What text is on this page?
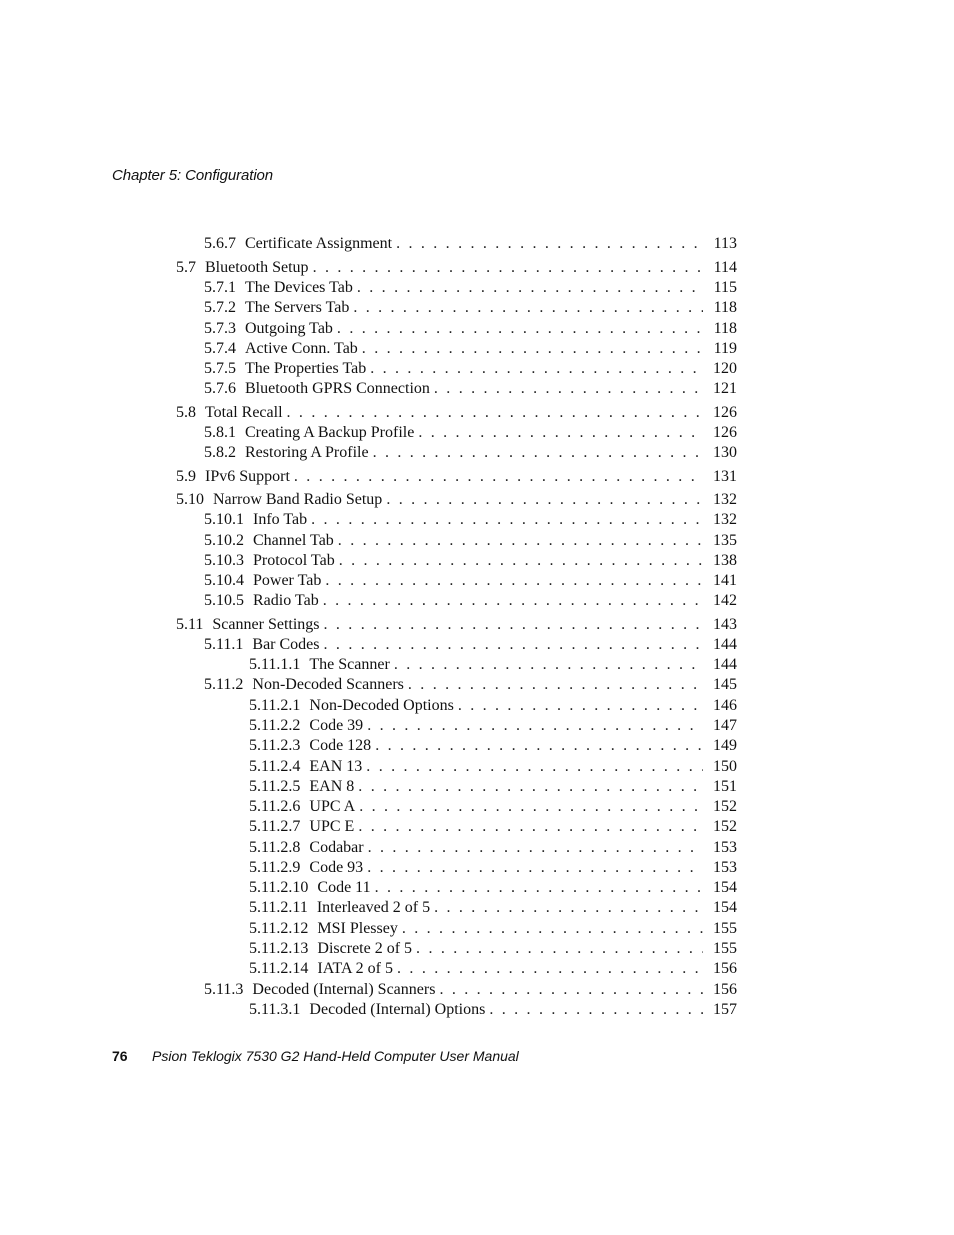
Chapter 5: Configuration
5.6.7 Certificate Assignment . . .	113
5.7 Bluetooth Setup . . .	114
5.7.1 The Devices Tab . . .	115
5.7.2 The Servers Tab . . .	118
5.7.3 Outgoing Tab . . .	118
5.7.4 Active Conn. Tab . . .	119
5.7.5 The Properties Tab . . .	120
5.7.6 Bluetooth GPRS Connection . . .	121
5.8 Total Recall . . .	126
5.8.1 Creating A Backup Profile . . .	126
5.8.2 Restoring A Profile . . .	130
5.9 IPv6 Support . . .	131
5.10 Narrow Band Radio Setup . . .	132
5.10.1 Info Tab . . .	132
5.10.2 Channel Tab . . .	135
5.10.3 Protocol Tab . . .	138
5.10.4 Power Tab . . .	141
5.10.5 Radio Tab . . .	142
5.11 Scanner Settings . . .	143
5.11.1 Bar Codes . . .	144
5.11.1.1 The Scanner . . .	144
5.11.2 Non-Decoded Scanners . . .	145
5.11.2.1 Non-Decoded Options . . .	146
5.11.2.2 Code 39 . . .	147
5.11.2.3 Code 128 . . .	149
5.11.2.4 EAN 13 . . .	150
5.11.2.5 EAN 8 . . .	151
5.11.2.6 UPC A . . .	152
5.11.2.7 UPC E . . .	152
5.11.2.8 Codabar . . .	153
5.11.2.9 Code 93 . . .	153
5.11.2.10 Code 11 . . .	154
5.11.2.11 Interleaved 2 of 5 . . .	154
5.11.2.12 MSI Plessey . . .	155
5.11.2.13 Discrete 2 of 5 . . .	155
5.11.2.14 IATA 2 of 5 . . .	156
5.11.3 Decoded (Internal) Scanners . . .	156
5.11.3.1 Decoded (Internal) Options . . .	157
76 Psion Teklogix 7530 G2 Hand-Held Computer User Manual
